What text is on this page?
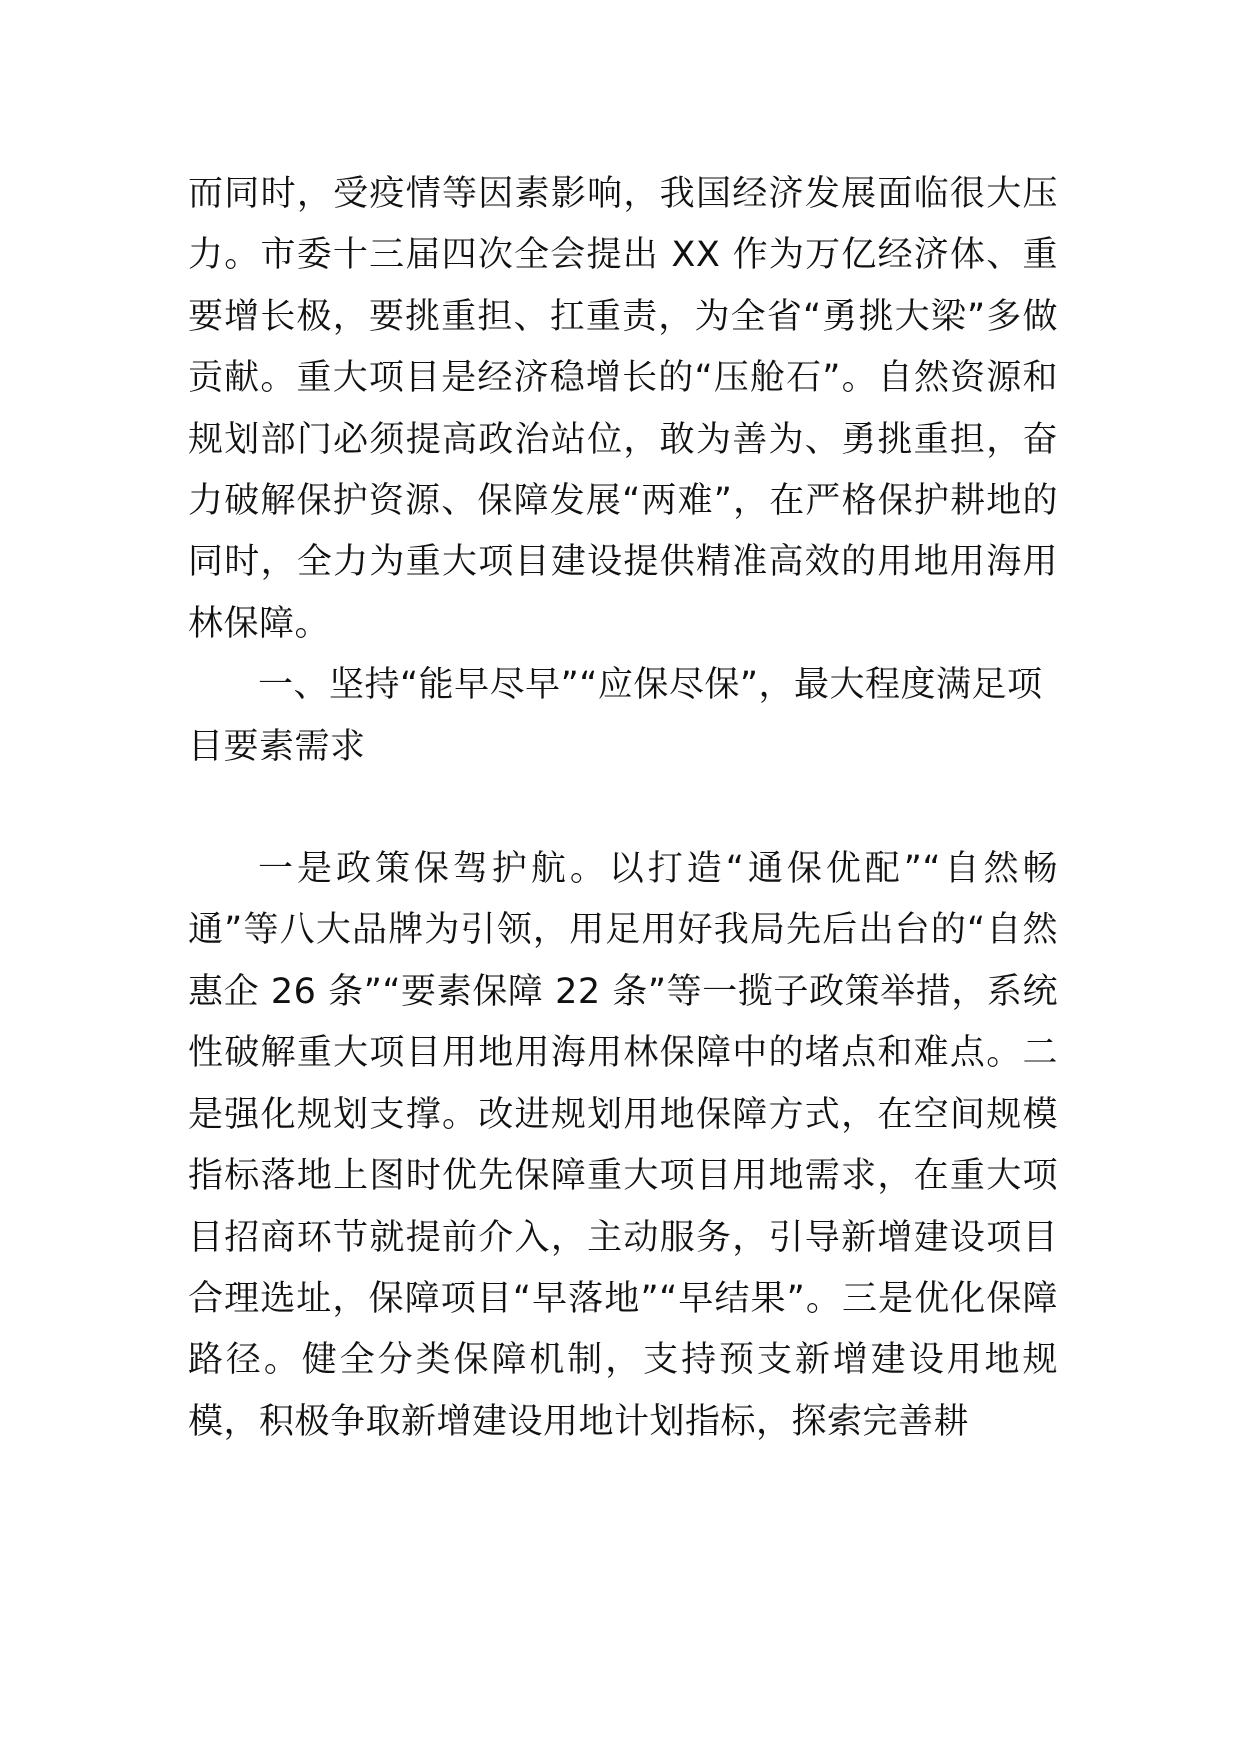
而同时，受疫情等因素影响，我国经济发展面临很大压力。市委十三届四次全会提出 XX 作为万亿经济体、重要增长极，要挑重担、扛重责，为全省“勇挑大梁”多做贡献。重大项目是经济稳增长的“压舱石”。自然资源和规划部门必须提高政治站位，敢为善为、勇挑重担，奋力破解保护资源、保障发展“两难”，在严格保护耕地的同时，全力为重大项目建设提供精准高效的用地用海用林保障。

一、坚持“能早尽早”“应保尽保”，最大程度满足项目要素需求

一是政策保驾护航。以打造“通保优配”“自然畅通”等八大品牌为引领，用足用好我局先后出台的“自然惠企 26 条”“要素保障 22 条”等一揽子政策举措，系统性破解重大项目用地用海用林保障中的堵点和难点。二是强化规划支撑。改进规划用地保障方式，在空间规模指标落地上图时优先保障重大项目用地需求，在重大项目招商环节就提前介入，主动服务，引导新增建设项目合理选址，保障项目“早落地”“早结果”。三是优化保障路径。健全分类保障机制，支持预支新增建设用地规模，积极争取新增建设用地计划指标，探索完善耕
